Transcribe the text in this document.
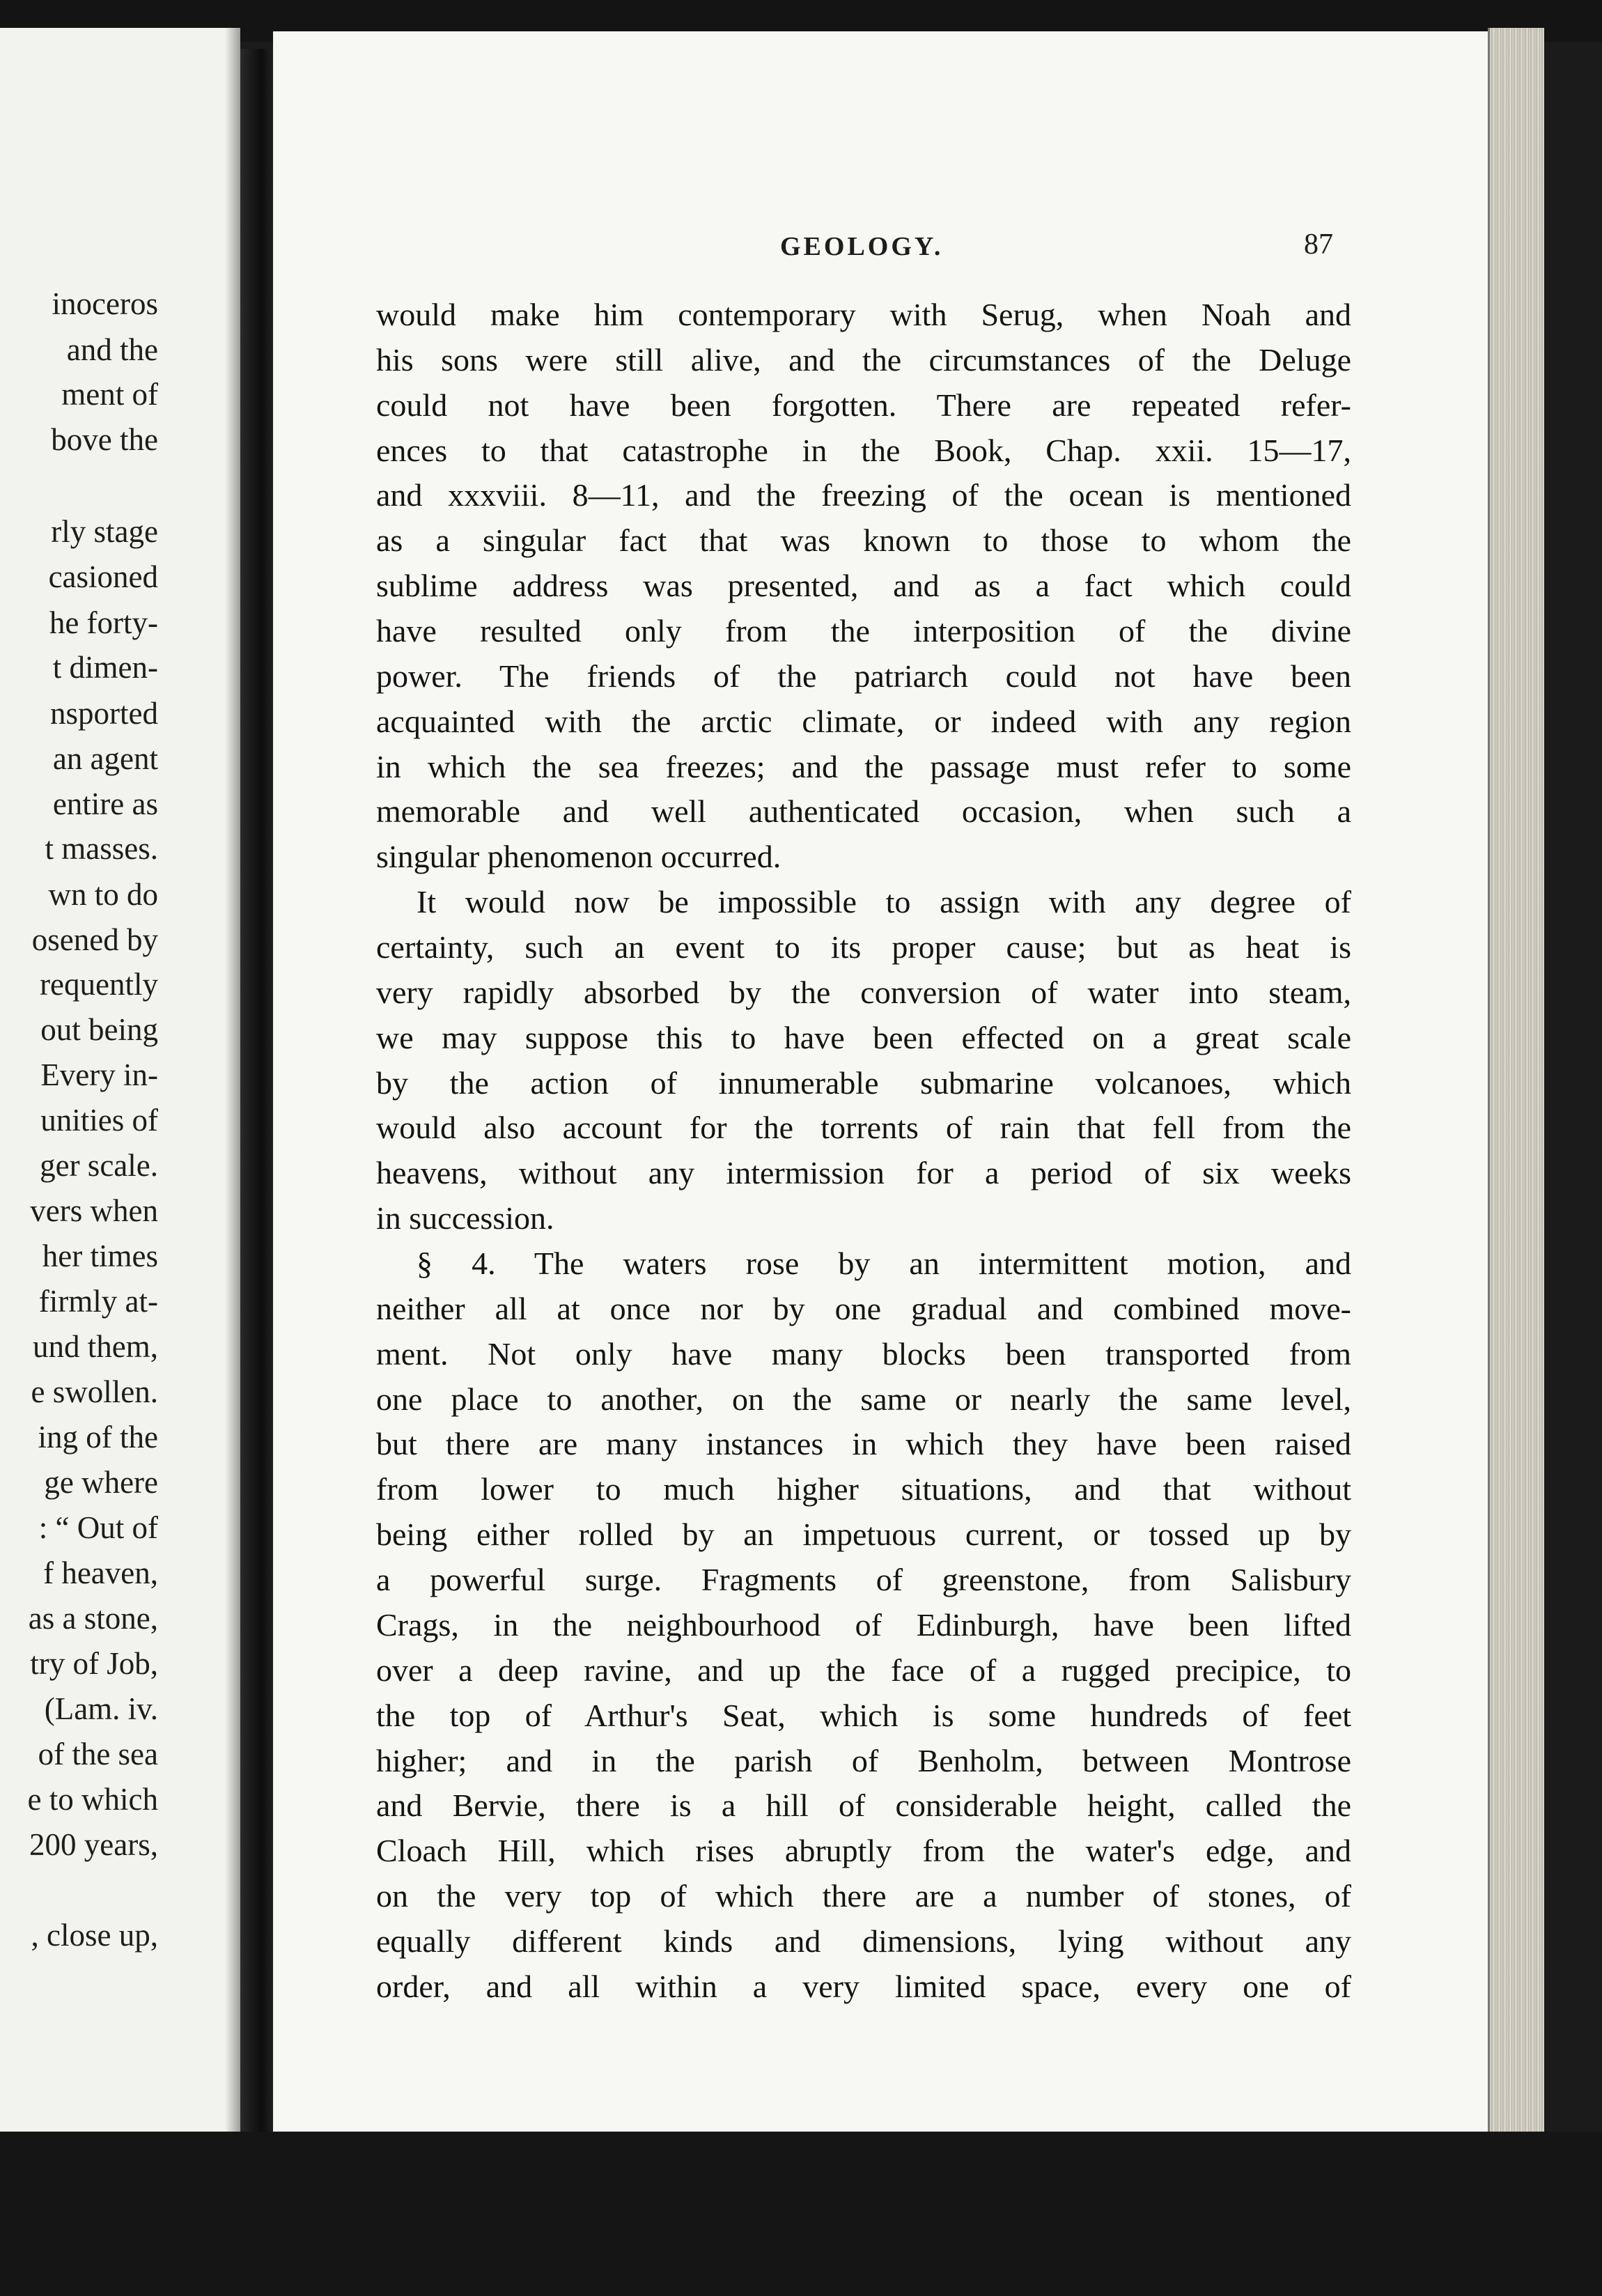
inoceros
and the
ment of
bove the
rly stage
casioned
he forty-
t dimen-
nsported
an agent
entire as
t masses.
wn to do
osened by
requently
out being
Every in-
unities of
ger scale.
vers when
her times
firmly at-
und them,
e swollen.
ing of the
ge where
: “ Out of
f heaven,
as a stone,
try of Job,
(Lam. iv.
of the sea
e to which
200 years,
, close up,
GEOLOGY.	87
would make him contemporary with Serug, when Noah and
his sons were still alive, and the circumstances of the Deluge
could not have been forgotten. There are repeated refer-
ences to that catastrophe in the Book, Chap. xxii. 15—17,
and xxxviii. 8—11, and the freezing of the ocean is mentioned
as a singular fact that was known to those to whom the
sublime address was presented, and as a fact which could
have resulted only from the interposition of the divine
power. The friends of the patriarch could not have been
acquainted with the arctic climate, or indeed with any region
in which the sea freezes; and the passage must refer to some
memorable and well authenticated occasion, when such a
singular phenomenon occurred.
It would now be impossible to assign with any degree of
certainty, such an event to its proper cause; but as heat is
very rapidly absorbed by the conversion of water into steam,
we may suppose this to have been effected on a great scale
by the action of innumerable submarine volcanoes, which
would also account for the torrents of rain that fell from the
heavens, without any intermission for a period of six weeks
in succession.
§ 4. The waters rose by an intermittent motion, and
neither all at once nor by one gradual and combined move-
ment. Not only have many blocks been transported from
one place to another, on the same or nearly the same level,
but there are many instances in which they have been raised
from lower to much higher situations, and that without
being either rolled by an impetuous current, or tossed up by
a powerful surge. Fragments of greenstone, from Salisbury
Crags, in the neighbourhood of Edinburgh, have been lifted
over a deep ravine, and up the face of a rugged precipice, to
the top of Arthur's Seat, which is some hundreds of feet
higher; and in the parish of Benholm, between Montrose
and Bervie, there is a hill of considerable height, called the
Cloach Hill, which rises abruptly from the water's edge, and
on the very top of which there are a number of stones, of
equally different kinds and dimensions, lying without any
order, and all within a very limited space, every one of
